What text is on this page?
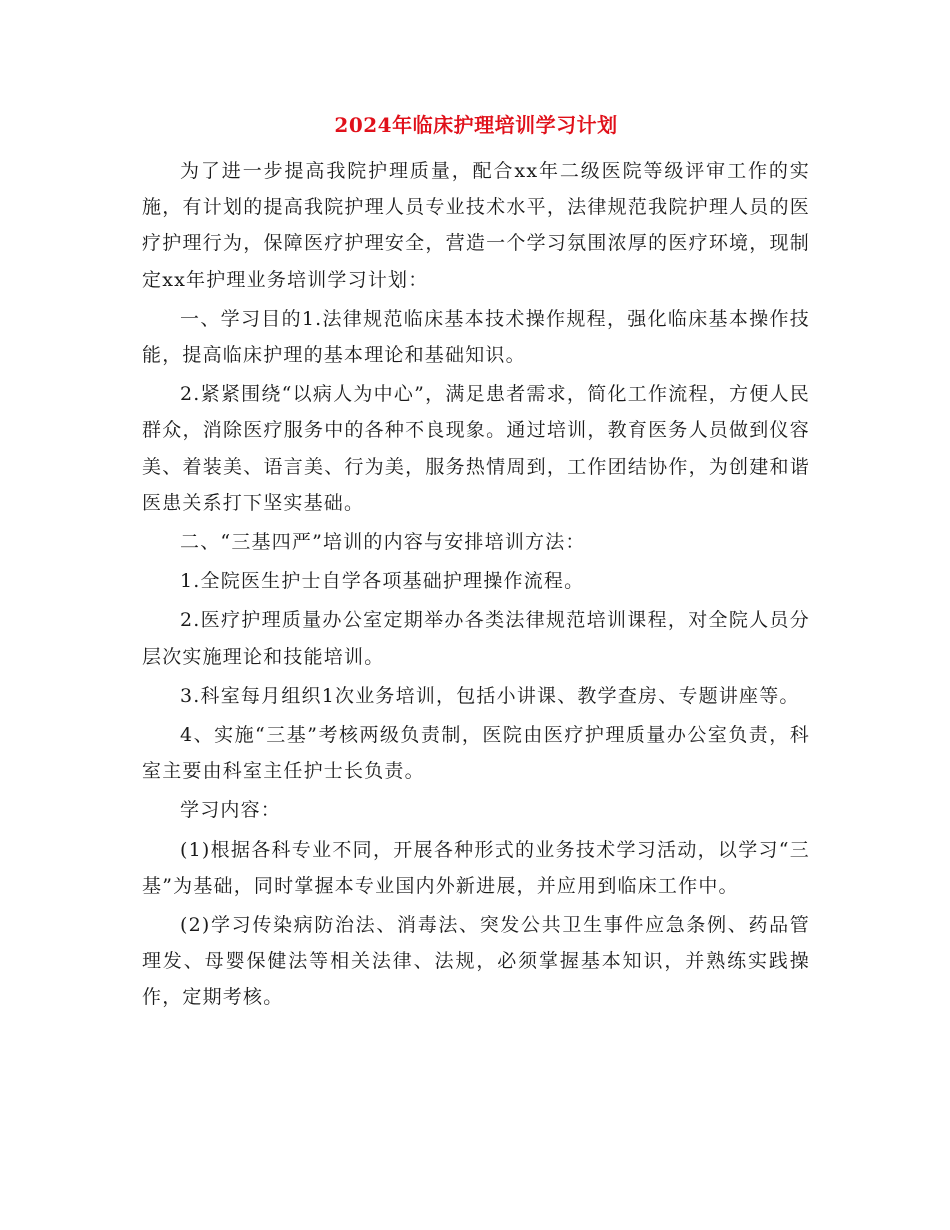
2024年临床护理培训学习计划

为了进一步提高我院护理质量，配合xx年二级医院等级评审工作的实施，有计划的提高我院护理人员专业技术水平，法律规范我院护理人员的医疗护理行为，保障医疗护理安全，营造一个学习氛围浓厚的医疗环境，现制定xx年护理业务培训学习计划：

一、学习目的1.法律规范临床基本技术操作规程，强化临床基本操作技能，提高临床护理的基本理论和基础知识。

2.紧紧围绕“以病人为中心”，满足患者需求，简化工作流程，方便人民群众，消除医疗服务中的各种不良现象。通过培训，教育医务人员做到仪容美、着装美、语言美、行为美，服务热情周到，工作团结协作，为创建和谐医患关系打下坚实基础。

二、“三基四严”培训的内容与安排培训方法：

1.全院医生护士自学各项基础护理操作流程。

2.医疗护理质量办公室定期举办各类法律规范培训课程，对全院人员分层次实施理论和技能培训。

3.科室每月组织1次业务培训，包括小讲课、教学查房、专题讲座等。

4、实施“三基”考核两级负责制，医院由医疗护理质量办公室负责，科室主要由科室主任护士长负责。

学习内容：

(1)根据各科专业不同，开展各种形式的业务技术学习活动，以学习“三基”为基础，同时掌握本专业国内外新进展，并应用到临床工作中。

(2)学习传染病防治法、消毒法、突发公共卫生事件应急条例、药品管理发、母婴保健法等相关法律、法规，必须掌握基本知识，并熟练实践操作，定期考核。
